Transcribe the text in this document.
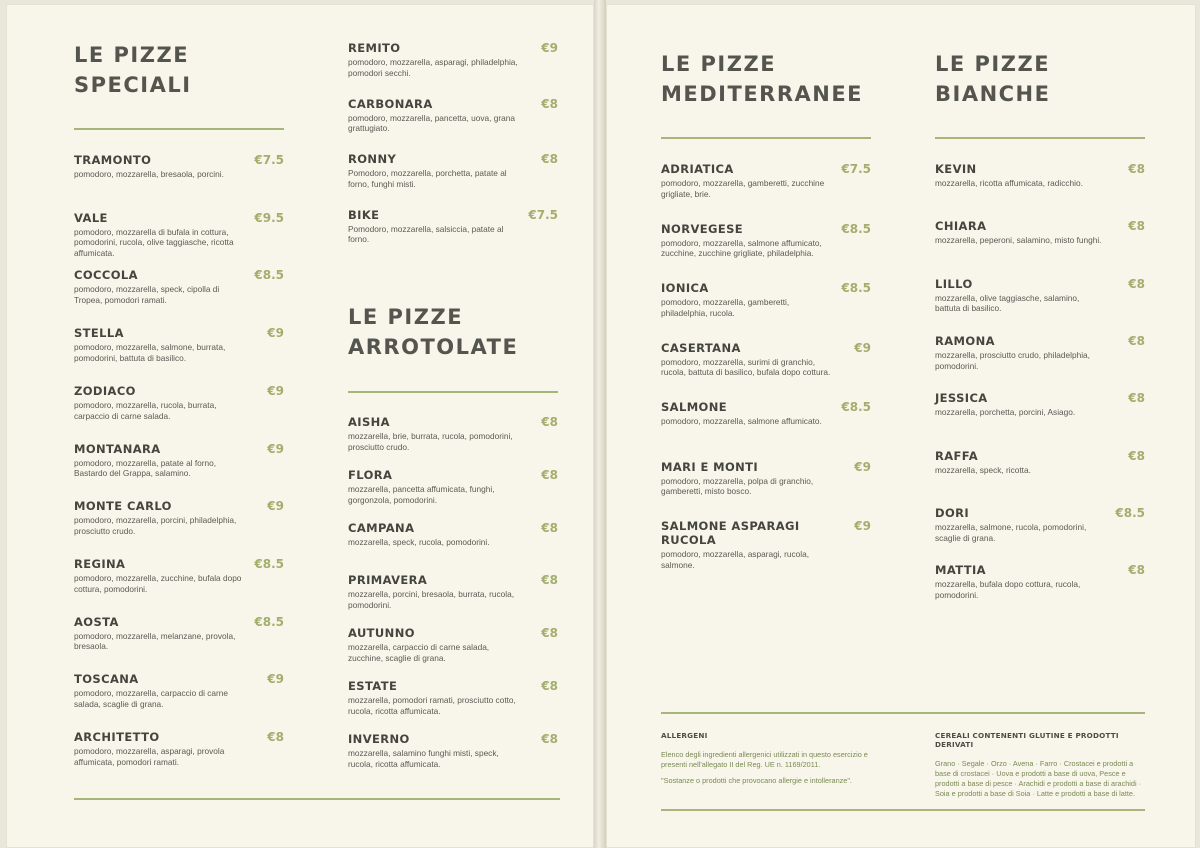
LE PIZZE
SPECIALI
TRAMONTO	€7.5
pomodoro, mozzarella, bresaola, porcini.
VALE	€9.5
pomodoro, mozzarella di bufala in cottura, pomodorini, rucola, olive taggiasche, ricotta affumicata.
COCCOLA	€8.5
pomodoro, mozzarella, speck, cipolla di Tropea, pomodori ramati.
STELLA	€9
pomodoro, mozzarella, salmone, burrata, pomodorini, battuta di basilico.
ZODIACO	€9
pomodoro, mozzarella, rucola, burrata, carpaccio di carne salada.
MONTANARA	€9
pomodoro, mozzarella, patate al forno, Bastardo del Grappa, salamino.
MONTE CARLO	€9
pomodoro, mozzarella, porcini, philadelphia, prosciutto crudo.
REGINA	€8.5
pomodoro, mozzarella, zucchine, bufala dopo cottura, pomodorini.
AOSTA	€8.5
pomodoro, mozzarella, melanzane, provola, bresaola.
TOSCANA	€9
pomodoro, mozzarella, carpaccio di carne salada, scaglie di grana.
ARCHITETTO	€8
pomodoro, mozzarella, asparagi, provola affumicata, pomodori ramati.
REMITO	€9
pomodoro, mozzarella, asparagi, philadelphia, pomodori secchi.
CARBONARA	€8
pomodoro, mozzarella, pancetta, uova, grana grattugiato.
RONNY	€8
Pomodoro, mozzarella, porchetta, patate al forno, funghi misti.
BIKE	€7.5
Pomodoro, mozzarella, salsiccia, patate al forno.
LE PIZZE
ARROTOLATE
AISHA	€8
mozzarella, brie, burrata, rucola, pomodorini, prosciutto crudo.
FLORA	€8
mozzarella, pancetta affumicata, funghi, gorgonzola, pomodorini.
CAMPANA	€8
mozzarella, speck, rucola, pomodorini.
PRIMAVERA	€8
mozzarella, porcini, bresaola, burrata, rucola, pomodorini.
AUTUNNO	€8
mozzarella, carpaccio di carne salada, zucchine, scaglie di grana.
ESTATE	€8
mozzarella, pomodori ramati, prosciutto cotto, rucola, ricotta affumicata.
INVERNO	€8
mozzarella, salamino funghi misti, speck, rucola, ricotta affumicata.
LE PIZZE
MEDITERRANEE
ADRIATICA	€7.5
pomodoro, mozzarella, gamberetti, zucchine grigliate, brie.
NORVEGESE	€8.5
pomodoro, mozzarella, salmone affumicato, zucchine, zucchine grigliate, philadelphia.
IONICA	€8.5
pomodoro, mozzarella, gamberetti, philadelphia, rucola.
CASERTANA	€9
pomodoro, mozzarella, surimi di granchio, rucola, battuta di basilico, bufala dopo cottura.
SALMONE	€8.5
pomodoro, mozzarella, salmone affumicato.
MARI E MONTI	€9
pomodoro, mozzarella, polpa di granchio, gamberetti, misto bosco.
SALMONE ASPARAGI RUCOLA
€9
pomodoro, mozzarella, asparagi, rucola, salmone.
LE PIZZE
BIANCHE
KEVIN	€8
mozzarella, ricotta affumicata, radicchio.
CHIARA	€8
mozzarella, peperoni, salamino, misto funghi.
LILLO	€8
mozzarella, olive taggiasche, salamino, battuta di basilico.
RAMONA	€8
mozzarella, prosciutto crudo, philadelphia, pomodorini.
JESSICA	€8
mozzarella, porchetta, porcini, Asiago.
RAFFA	€8
mozzarella, speck, ricotta.
DORI	€8.5
mozzarella, salmone, rucola, pomodorini, scaglie di grana.
MATTIA	€8
mozzarella, bufala dopo cottura, rucola, pomodorini.
ALLERGENI
Elenco degli ingredienti allergenici utilizzati in questo esercizio e presenti nell'allegato II del Reg. UE n. 1169/2011.
"Sostanze o prodotti che provocano allergie e intolleranze".
CEREALI CONTENENTI GLUTINE E PRODOTTI DERIVATI
Grano · Segale · Orzo · Avena · Farro · Crostacei e prodotti a base di crostacei · Uova e prodotti a base di uova, Pesce e prodotti a base di pesce · Arachidi e prodotti a base di arachidi · Soia e prodotti a base di Soia · Latte e prodotti a base di latte.
